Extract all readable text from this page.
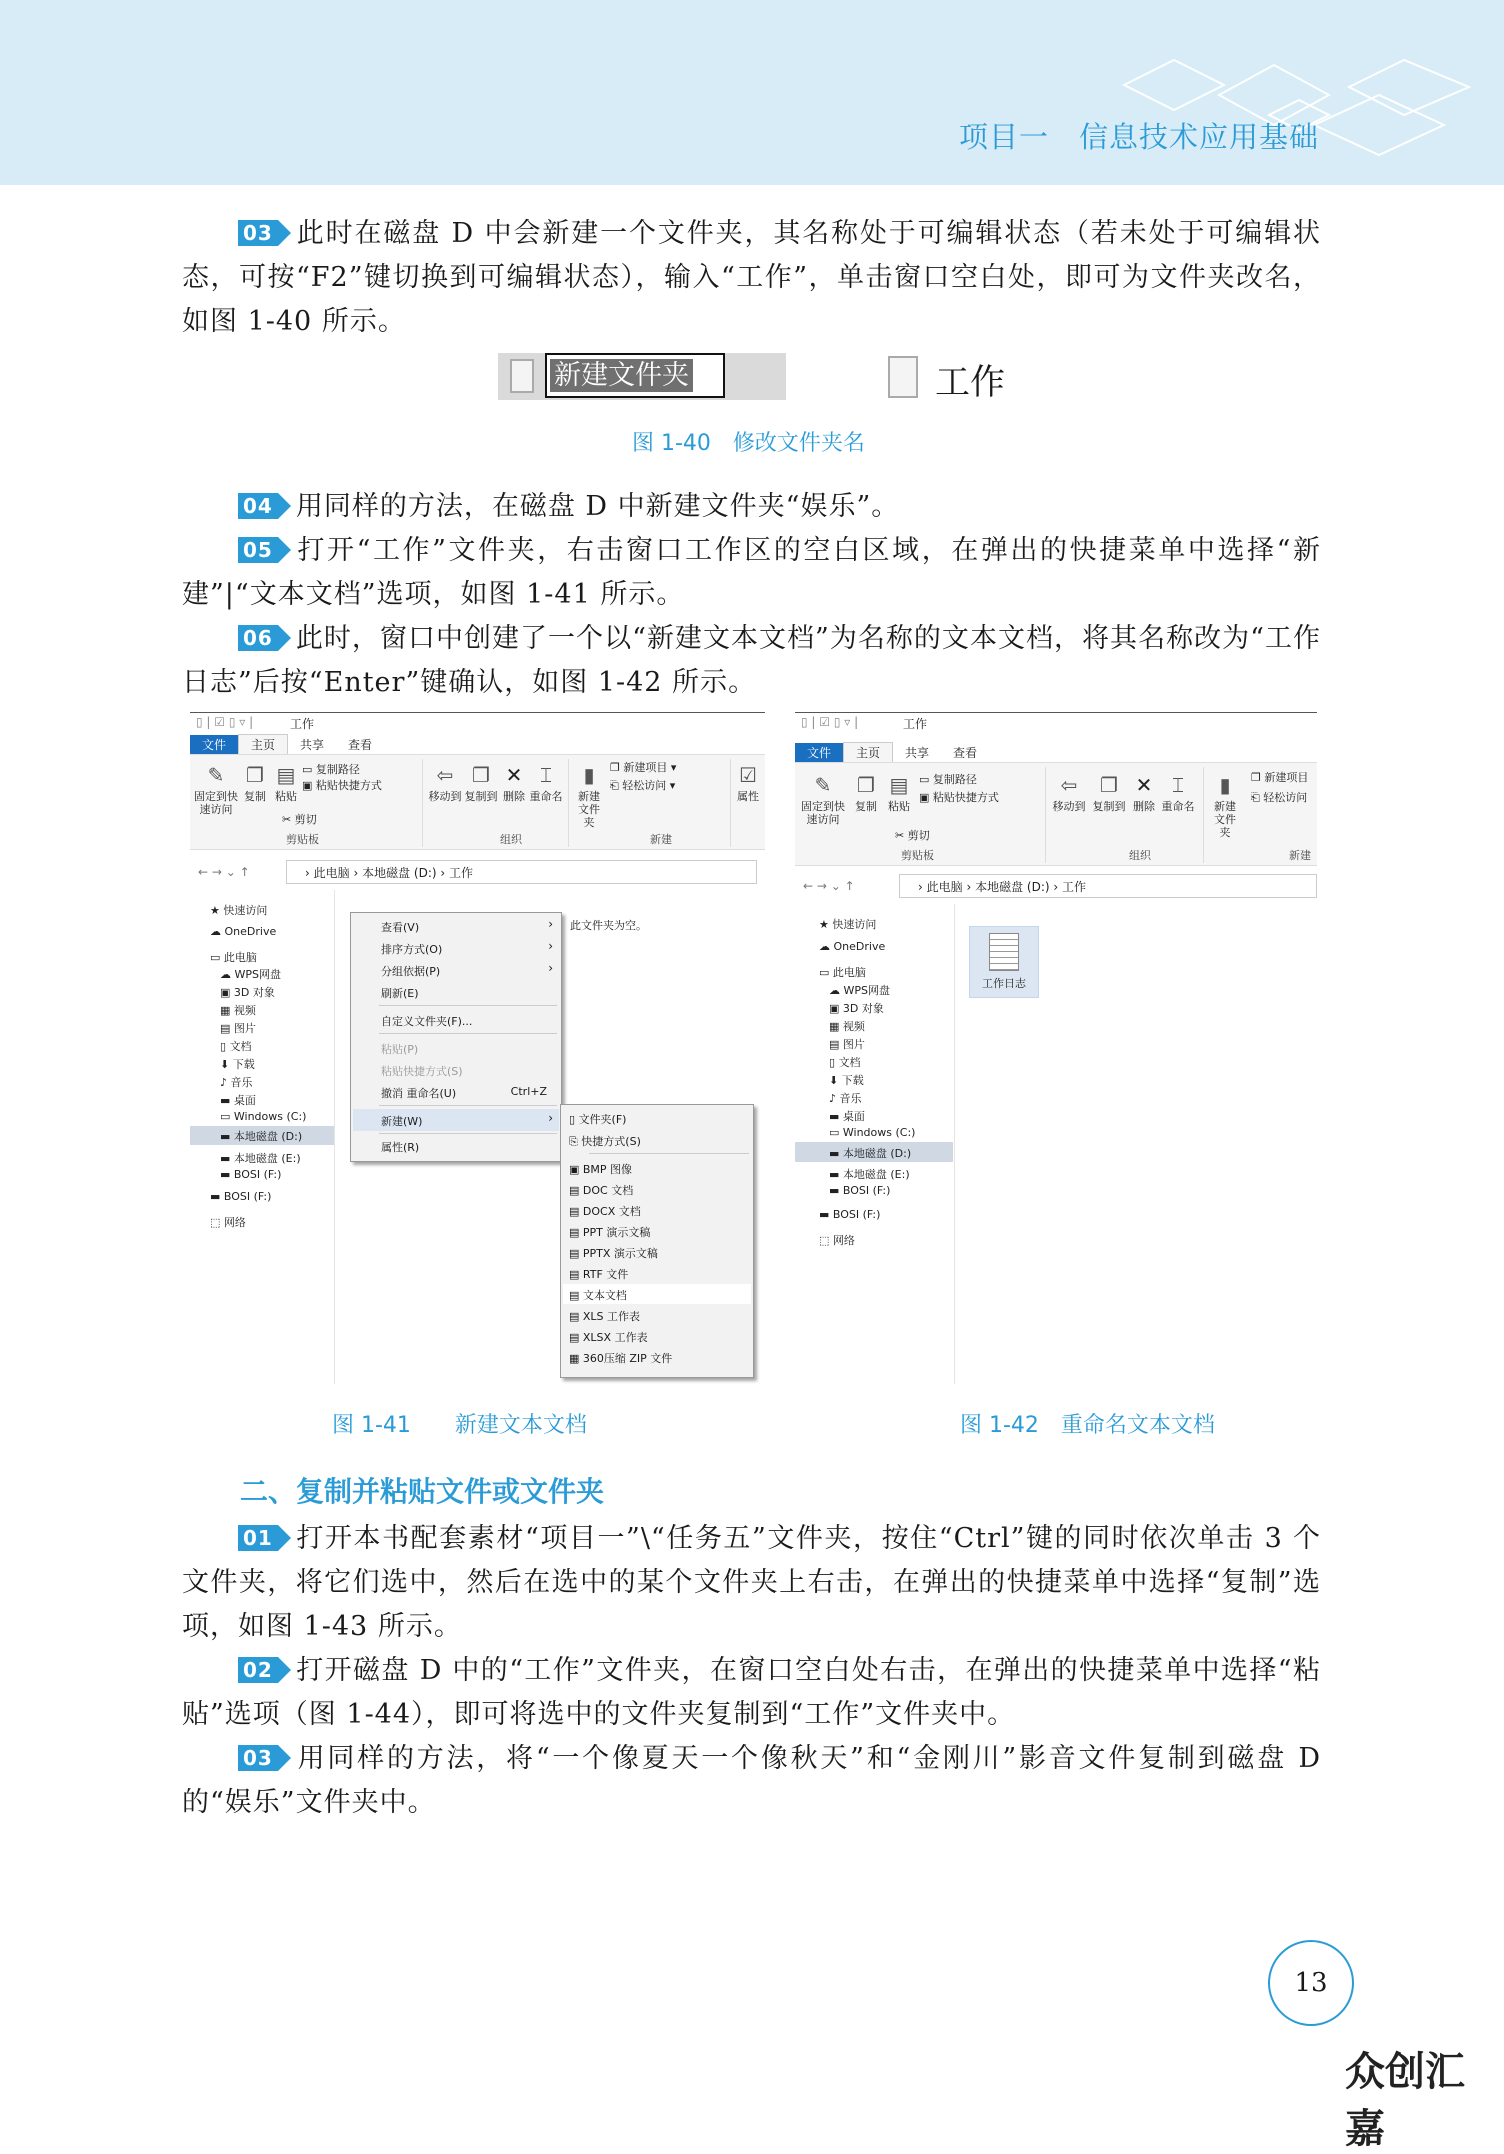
项目一　信息技术应用基础

03 此时在磁盘 D 中会新建一个文件夹，其名称处于可编辑状态（若未处于可编辑状态，可按“F2”键切换到可编辑状态），输入“工作”，单击窗口空白处，即可为文件夹改名，如图 1-40 所示。

新建文件夹	工作
图 1-40　修改文件夹名

04 用同样的方法，在磁盘 D 中新建文件夹“娱乐”。

05 打开“工作”文件夹，右击窗口工作区的空白区域，在弹出的快捷菜单中选择“新建”|“文本文档”选项，如图 1-41 所示。

06 此时，窗口中创建了一个以“新建文本文档”为名称的文本文档，将其名称改为“工作日志”后按“Enter”键确认，如图 1-42 所示。

▯ | ☑ ▯ ▿ |	工作
文件 主页 共享 查看
✎
固定到快速访问
❐
复制
▤
粘贴
▭ 复制路径
▣ 粘贴快捷方式
✂ 剪切
剪贴板
⇦
移动到
❐
复制到
✕
删除
⌶
重命名
组织
▮
新建文件夹
❐ 新建项目 ▾
⎗ 轻松访问 ▾
新建
☑
属性
← → ⌄ ↑	› 此电脑 › 本地磁盘 (D:) › 工作
★ 快速访问
☁ OneDrive
▭ 此电脑
☁ WPS网盘
▣ 3D 对象
▦ 视频
▤ 图片
▯ 文档
⬇ 下载
♪ 音乐
▬ 桌面
▭ Windows (C:)
▬ 本地磁盘 (D:)
▬ 本地磁盘 (E:)
▬ BOSI (F:)
▬ BOSI (F:)
⬚ 网络
此文件夹为空。
查看(V)	›
排序方式(O)	›
分组依据(P)	›
刷新(E)
自定义文件夹(F)...
粘贴(P)
粘贴快捷方式(S)
撤消 重命名(U)	Ctrl+Z
新建(W)	›
属性(R)
▯ 文件夹(F)
⎘ 快捷方式(S)
▣ BMP 图像
▤ DOC 文档
▤ DOCX 文档
▤ PPT 演示文稿
▤ PPTX 演示文稿
▤ RTF 文件
▤ 文本文档
▤ XLS 工作表
▤ XLSX 工作表
▦ 360压缩 ZIP 文件
▯ | ☑ ▯ ▿ |	工作
文件 主页 共享 查看
✎
固定到快速访问
❐
复制
▤
粘贴
▭ 复制路径
▣ 粘贴快捷方式
✂ 剪切
剪贴板
⇦
移动到
❐
复制到
✕
删除
⌶
重命名
组织
▮
新建文件夹
❐ 新建项目
⎗ 轻松访问
新建
← → ⌄ ↑	› 此电脑 › 本地磁盘 (D:) › 工作
★ 快速访问
☁ OneDrive
▭ 此电脑
☁ WPS网盘
▣ 3D 对象
▦ 视频
▤ 图片
▯ 文档
⬇ 下载
♪ 音乐
▬ 桌面
▭ Windows (C:)
▬ 本地磁盘 (D:)
▬ 本地磁盘 (E:)
▬ BOSI (F:)
▬ BOSI (F:)
⬚ 网络
工作日志
图 1-41　　新建文本文档	图 1-42　重命名文本文档
二、复制并粘贴文件或文件夹

01 打开本书配套素材“项目一”\“任务五”文件夹，按住“Ctrl”键的同时依次单击 3 个文件夹，将它们选中，然后在选中的某个文件夹上右击，在弹出的快捷菜单中选择“复制”选项，如图 1-43 所示。

02 打开磁盘 D 中的“工作”文件夹，在窗口空白处右击，在弹出的快捷菜单中选择“粘贴”选项（图 1-44），即可将选中的文件夹复制到“工作”文件夹中。

03 用同样的方法，将“一个像夏天一个像秋天”和“金刚川”影音文件复制到磁盘 D 的“娱乐”文件夹中。

13
众创汇嘉
